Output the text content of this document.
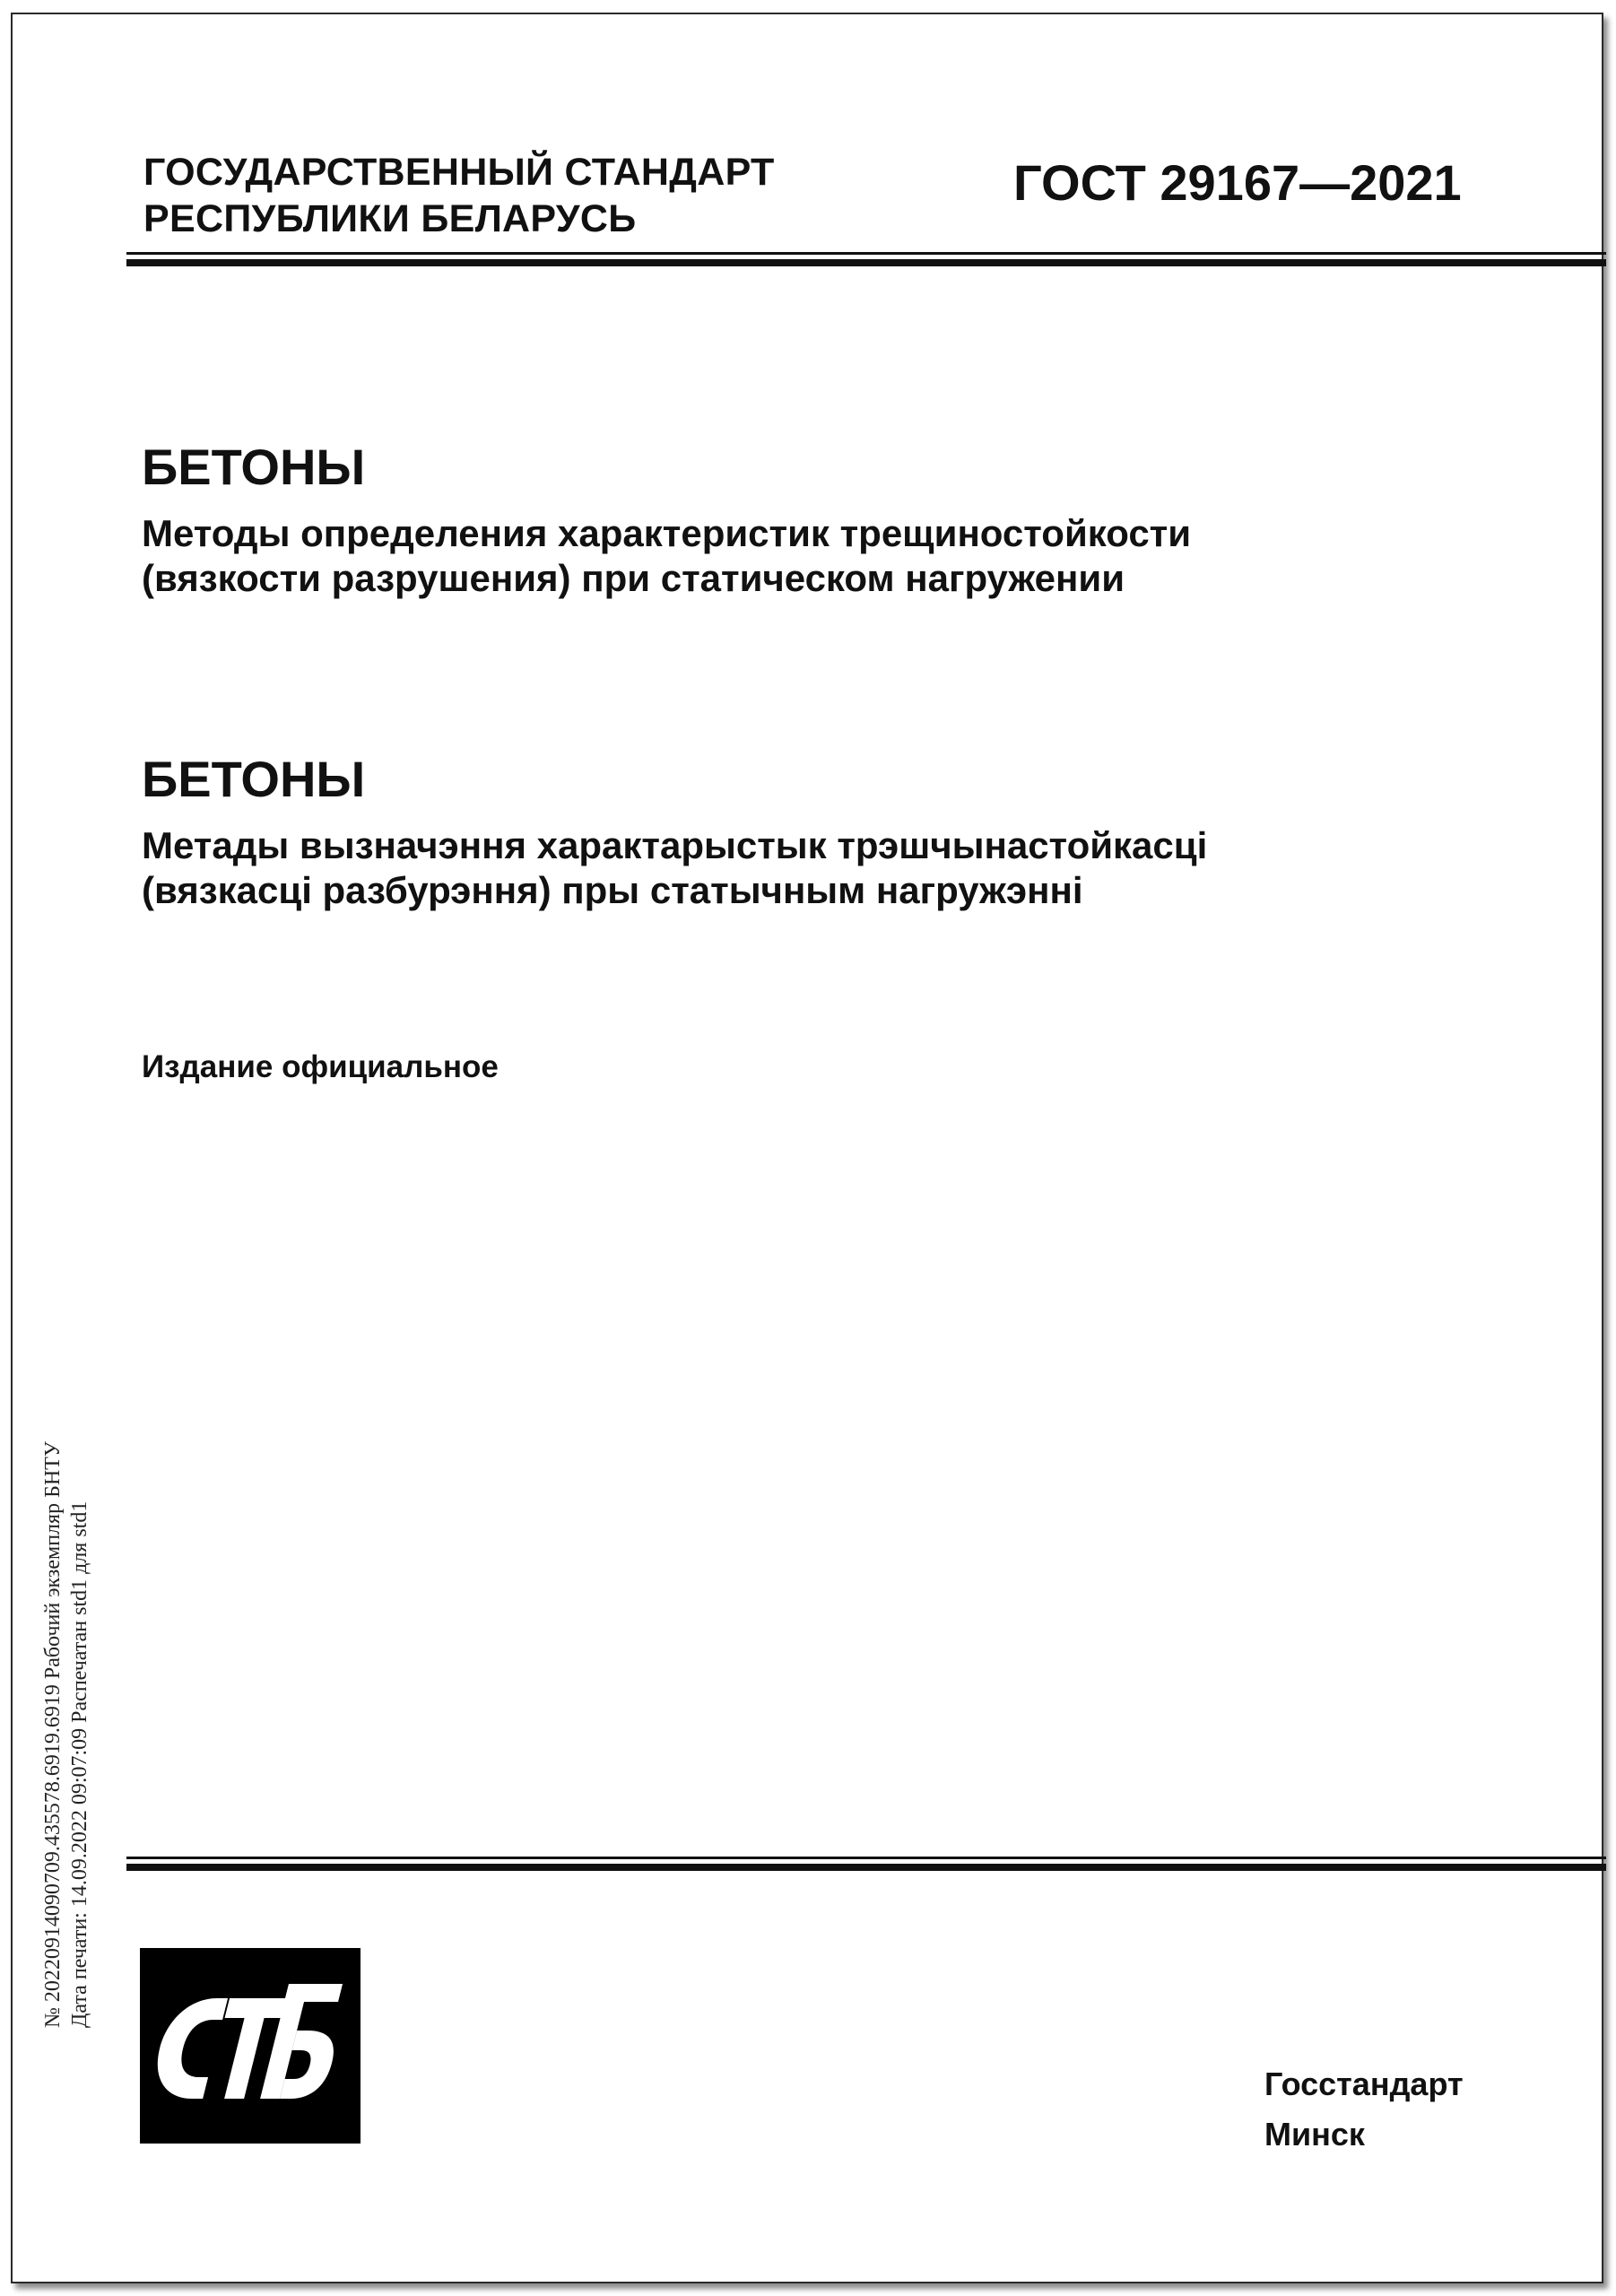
ГОСУДАРСТВЕННЫЙ СТАНДАРТ
РЕСПУБЛИКИ БЕЛАРУСЬ
ГОСТ 29167—2021
БЕТОНЫ
Методы определения характеристик трещиностойкости
(вязкости разрушения) при статическом нагружении
БЕТОНЫ
Метады вызначэння характарыстык трэшчынастойкасці
(вязкасці разбурэння) пры статычным нагружэнні
Издание официальное
№ 20220914090709.435578.6919.6919 Рабочий экземпляр БНТУ Дата печати: 14.09.2022 09:07:09 Распечатан std1 для std1
Госстандарт
Минск
